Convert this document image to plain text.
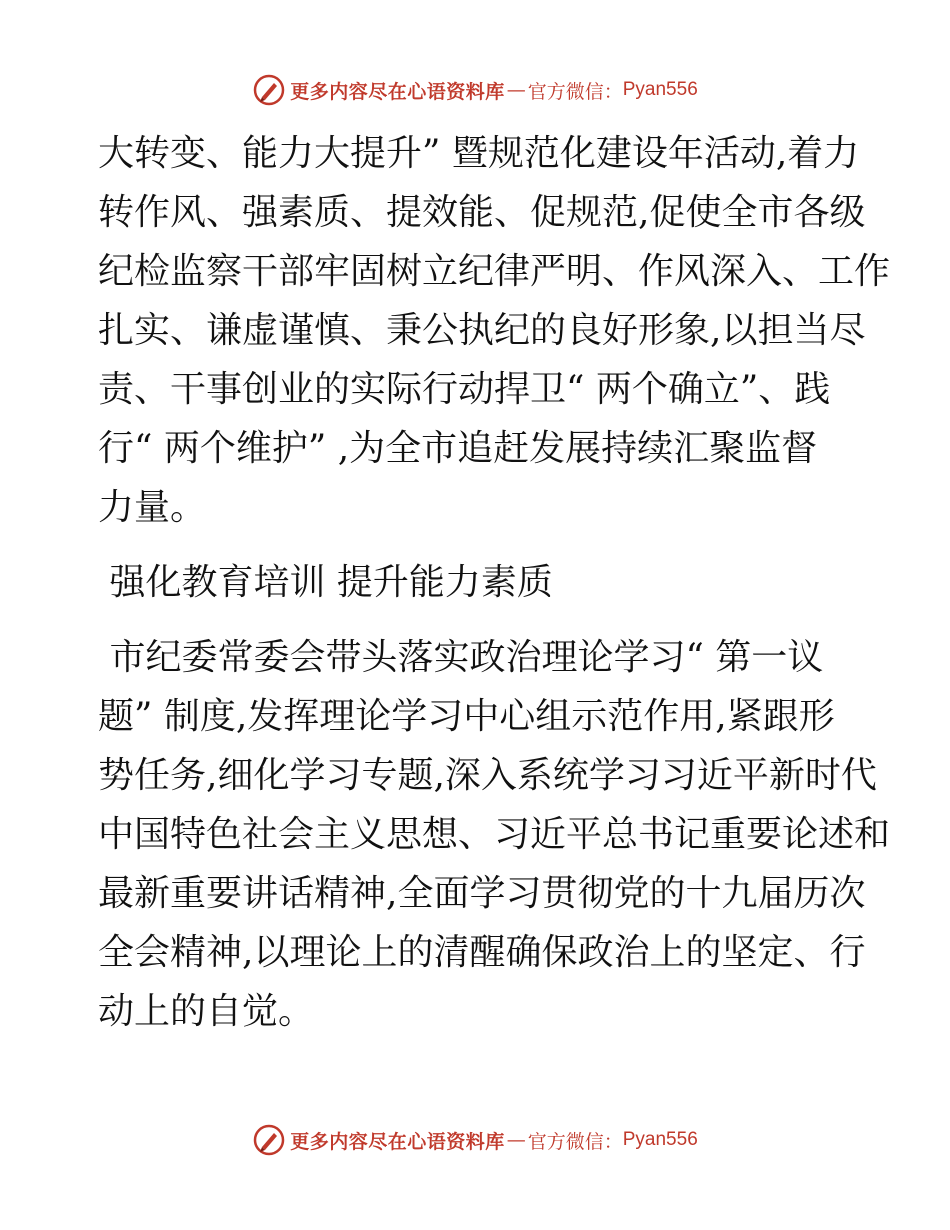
更多内容尽在心语资料库 — 官方微信： Pyan556
大转变、能力大提升” 暨规范化建设年活动,着力
转作风、强素质、提效能、促规范,促使全市各级
纪检监察干部牢固树立纪律严明、作风深入、工作
扎实、谦虚谨慎、秉公执纪的良好形象,以担当尽
责、干事创业的实际行动捍卫“ 两个确立”、践
行“ 两个维护” ,为全市追赶发展持续汇聚监督
力量。
强化教育培训 提升能力素质
市纪委常委会带头落实政治理论学习“ 第一议
题” 制度,发挥理论学习中心组示范作用,紧跟形
势任务,细化学习专题,深入系统学习习近平新时代
中国特色社会主义思想、习近平总书记重要论述和
最新重要讲话精神,全面学习贯彻党的十九届历次
全会精神,以理论上的清醒确保政治上的坚定、行
动上的自觉。
更多内容尽在心语资料库 — 官方微信： Pyan556
